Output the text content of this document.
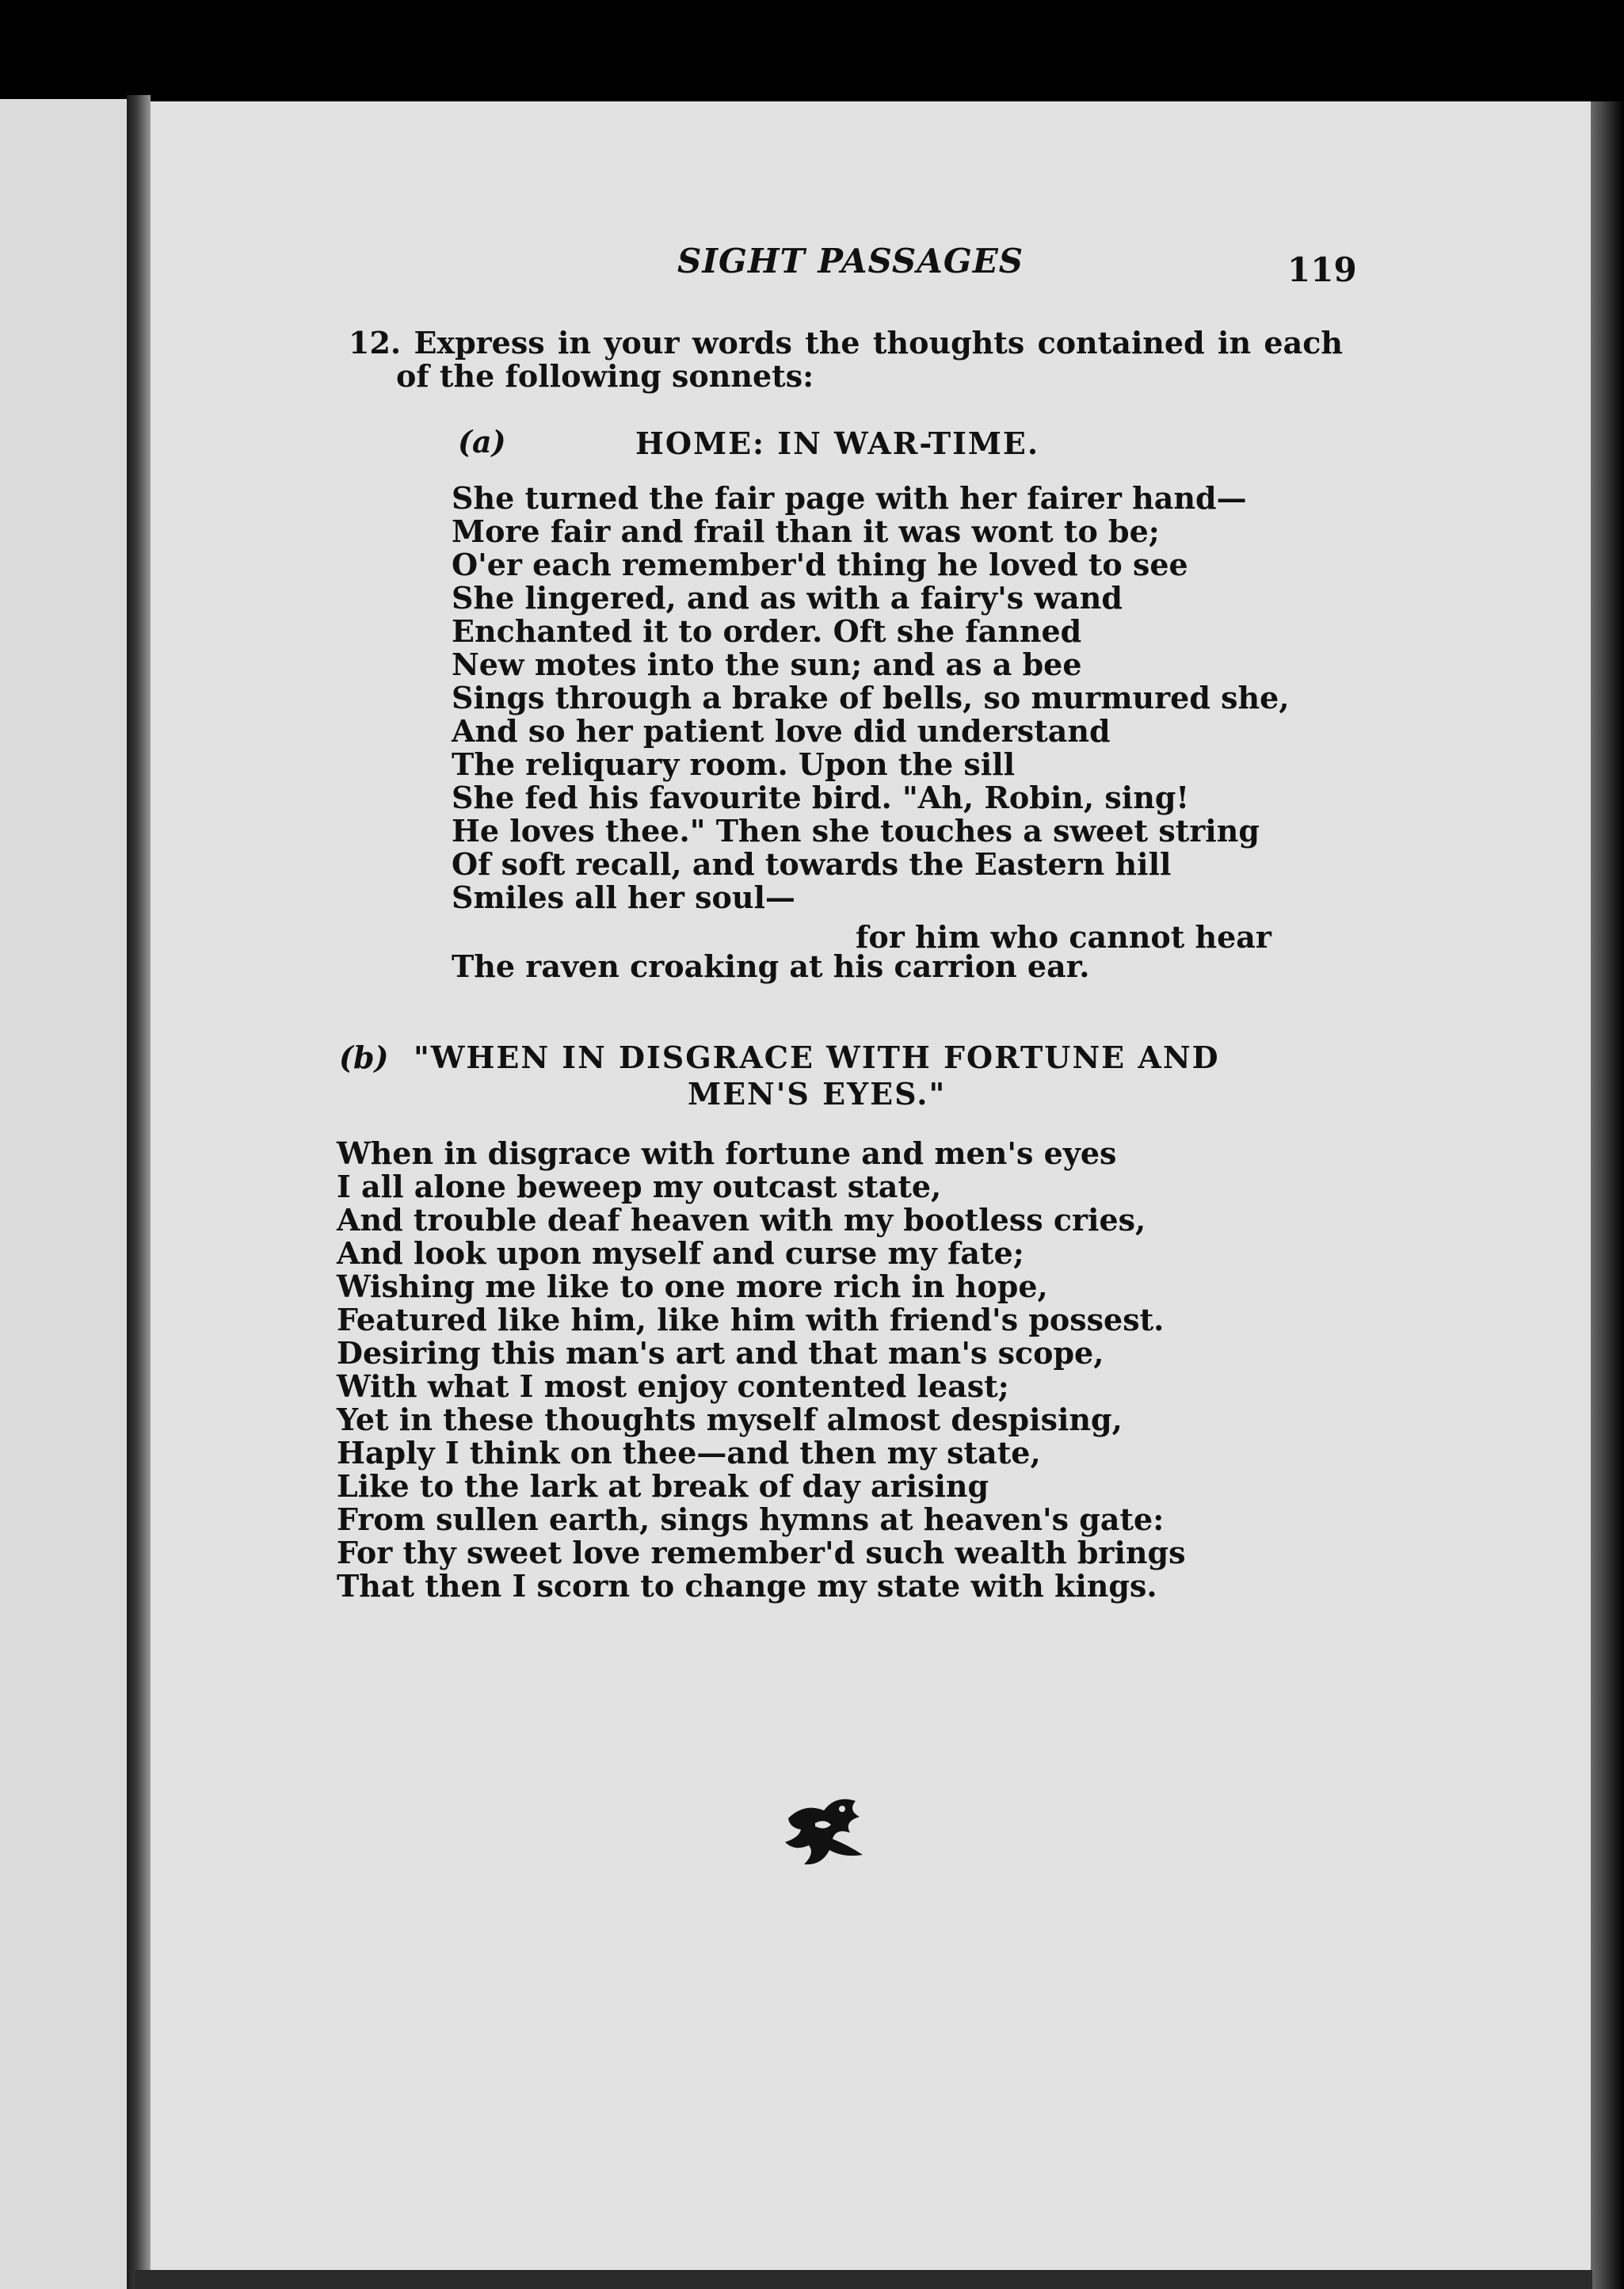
SIGHT PASSAGES	119
12. Express in your words the thoughts contained in each
of the following sonnets:
(a)	HOME: IN WAR-TIME.
She turned the fair page with her fairer hand—
More fair and frail than it was wont to be;
O'er each remember'd thing he loved to see
She lingered, and as with a fairy's wand
Enchanted it to order. Oft she fanned
New motes into the sun; and as a bee
Sings through a brake of bells, so murmured she,
And so her patient love did understand
The reliquary room. Upon the sill
She fed his favourite bird. "Ah, Robin, sing!
He loves thee." Then she touches a sweet string
Of soft recall, and towards the Eastern hill
Smiles all her soul—
for him who cannot hear
The raven croaking at his carrion ear.
(b) "WHEN IN DISGRACE WITH FORTUNE AND
MEN'S EYES."
When in disgrace with fortune and men's eyes
I all alone beweep my outcast state,
And trouble deaf heaven with my bootless cries,
And look upon myself and curse my fate;
Wishing me like to one more rich in hope,
Featured like him, like him with friend's possest.
Desiring this man's art and that man's scope,
With what I most enjoy contented least;
Yet in these thoughts myself almost despising,
Haply I think on thee—and then my state,
Like to the lark at break of day arising
From sullen earth, sings hymns at heaven's gate:
For thy sweet love remember'd such wealth brings
That then I scorn to change my state with kings.
